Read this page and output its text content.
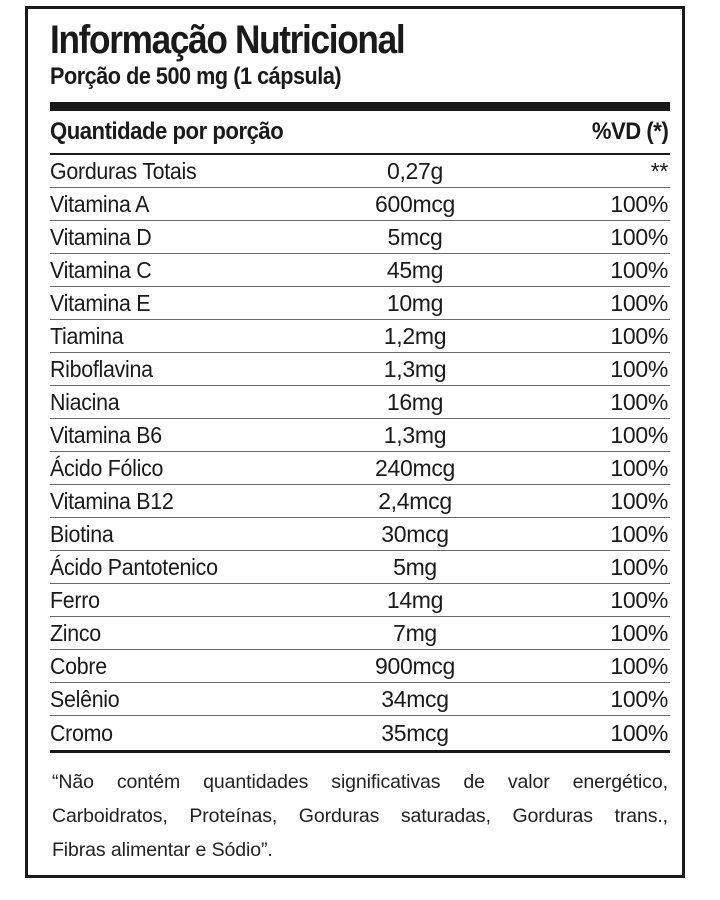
Informação Nutricional
Porção de 500 mg (1 cápsula)
Quantidade por porção	%VD (*)
Gorduras Totais	0,27g	**
Vitamina A	600mcg	100%
Vitamina D	5mcg	100%
Vitamina C	45mg	100%
Vitamina E	10mg	100%
Tiamina	1,2mg	100%
Riboflavina	1,3mg	100%
Niacina	16mg	100%
Vitamina B6	1,3mg	100%
Ácido Fólico	240mcg	100%
Vitamina B12	2,4mcg	100%
Biotina	30mcg	100%
Ácido Pantotenico	5mg	100%
Ferro	14mg	100%
Zinco	7mg	100%
Cobre	900mcg	100%
Selênio	34mcg	100%
Cromo	35mcg	100%
“Não contém quantidades significativas de valor energético,
Carboidratos, Proteínas, Gorduras saturadas, Gorduras trans.,
Fibras alimentar e Sódio”.
